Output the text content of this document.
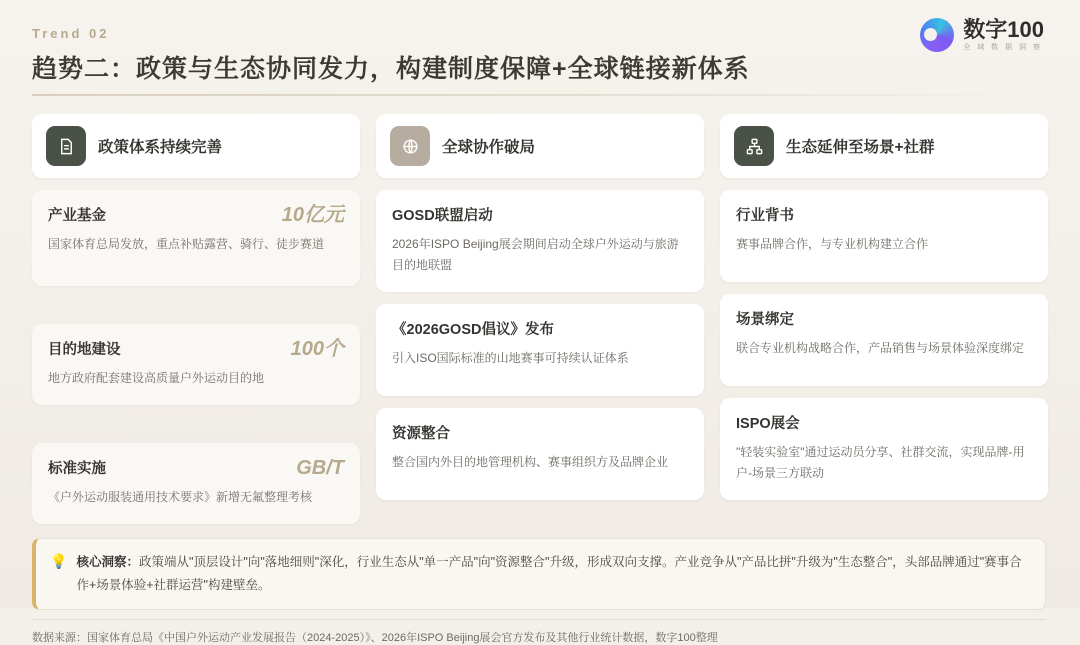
Trend 02
趋势二：政策与生态协同发力，构建制度保障+全球链接新体系
数字100
全 域 数 据 洞 察
政策体系持续完善
产业基金	10亿元
国家体育总局发放，重点补贴露营、骑行、徒步赛道
目的地建设	100个
地方政府配套建设高质量户外运动目的地
标准实施	GB/T
《户外运动服装通用技术要求》新增无氟整理考核
全球协作破局
GOSD联盟启动
2026年ISPO Beijing展会期间启动全球户外运动与旅游目的地联盟
《2026GOSD倡议》发布
引入ISO国际标准的山地赛事可持续认证体系
资源整合
整合国内外目的地管理机构、赛事组织方及品牌企业
生态延伸至场景+社群
行业背书
赛事品牌合作，与专业机构建立合作
场景绑定
联合专业机构战略合作，产品销售与场景体验深度绑定
ISPO展会
"轻装实验室"通过运动员分享、社群交流，实现品牌-用户-场景三方联动
💡 核心洞察：政策端从"顶层设计"向"落地细则"深化，行业生态从"单一产品"向"资源整合"升级，形成双向支撑。产业竞争从"产品比拼"升级为"生态整合"，头部品牌通过"赛事合作+场景体验+社群运营"构建壁垒。
数据来源：国家体育总局《中国户外运动产业发展报告（2024-2025）》、2026年ISPO Beijing展会官方发布及其他行业统计数据，数字100整理
